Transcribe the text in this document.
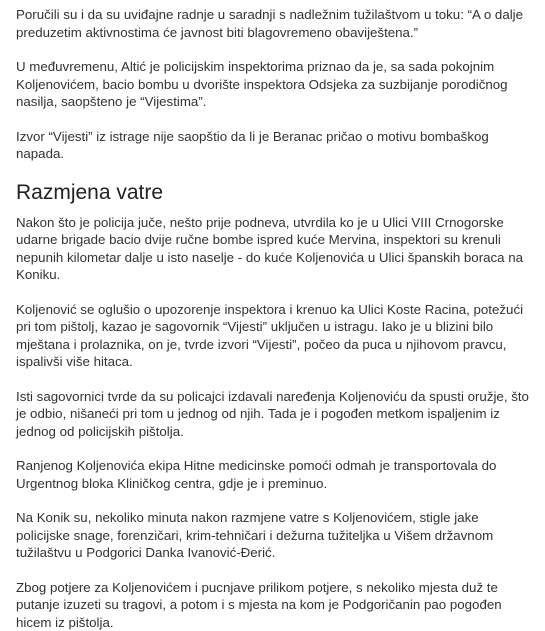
Poručili su i da su uviđajne radnje u saradnji s nadležnim tužilaštvom u toku: “A o dalje preduzetim aktivnostima će javnost biti blagovremeno obaviještena.”

U međuvremenu, Altić je policijskim inspektorima priznao da je, sa sada pokojnim Koljenovićem, bacio bombu u dvorište inspektora Odsjeka za suzbijanje porodičnog nasilja, saopšteno je “Vijestima”.

Izvor “Vijesti” iz istrage nije saopštio da li je Beranac pričao o motivu bombaškog napada.

Razmjena vatre

Nakon što je policija juče, nešto prije podneva, utvrdila ko je u Ulici VIII Crnogorske udarne brigade bacio dvije ručne bombe ispred kuće Mervina, inspektori su krenuli nepunih kilometar dalje u isto naselje - do kuće Koljenovića u Ulici španskih boraca na Koniku.

Koljenović se oglušio o upozorenje inspektora i krenuo ka Ulici Koste Racina, potežući pri tom pištolj, kazao je sagovornik “Vijesti” uključen u istragu. Iako je u blizini bilo mještana i prolaznika, on je, tvrde izvori “Vijesti”, počeo da puca u njihovom pravcu, ispalivši više hitaca.

Isti sagovornici tvrde da su policajci izdavali naređenja Koljenoviću da spusti oružje, što je odbio, nišaneći pri tom u jednog od njih. Tada je i pogođen metkom ispaljenim iz jednog od policijskih pištolja.

Ranjenog Koljenovića ekipa Hitne medicinske pomoći odmah je transportovala do Urgentnog bloka Kliničkog centra, gdje je i preminuo.

Na Konik su, nekoliko minuta nakon razmjene vatre s Koljenovićem, stigle jake policijske snage, forenzičari, krim-tehničari i dežurna tužiteljka u Višem državnom tužilaštvu u Podgorici Danka Ivanović-Đerić.

Zbog potjere za Koljenovićem i pucnjave prilikom potjere, s nekoliko mjesta duž te putanje izuzeti su tragovi, a potom i s mjesta na kom je Podgoričanin pao pogođen hicem iz pištolja.
